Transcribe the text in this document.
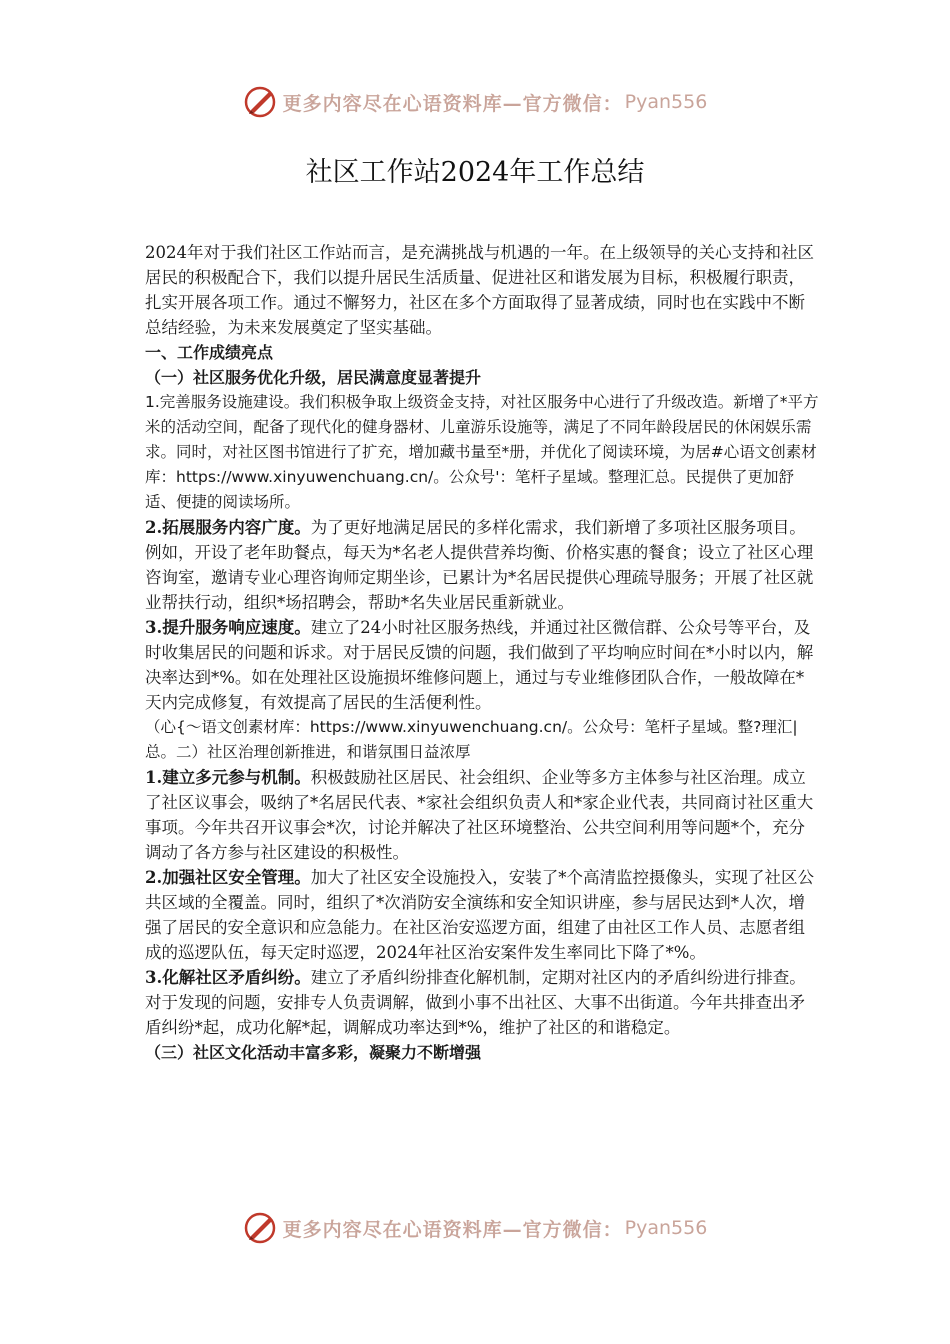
更多内容尽在心语资料库—官方微信： Pyan556
社区工作站2024年工作总结

2024年对于我们社区工作站而言，是充满挑战与机遇的一年。在上级领导的关心支持和社区居民的积极配合下，我们以提升居民生活质量、促进社区和谐发展为目标，积极履行职责，扎实开展各项工作。通过不懈努力，社区在多个方面取得了显著成绩，同时也在实践中不断总结经验，为未来发展奠定了坚实基础。

一、工作成绩亮点

（一）社区服务优化升级，居民满意度显著提升

1.完善服务设施建设。我们积极争取上级资金支持，对社区服务中心进行了升级改造。新增了*平方米的活动空间，配备了现代化的健身器材、儿童游乐设施等，满足了不同年龄段居民的休闲娱乐需求。同时，对社区图书馆进行了扩充，增加藏书量至*册，并优化了阅读环境，为居#心语文创素材库：https://www.xinyuwenchuang.cn/。公众号'：笔杆子星域。整理汇总。民提供了更加舒适、便捷的阅读场所。

2.拓展服务内容广度。为了更好地满足居民的多样化需求，我们新增了多项社区服务项目。例如，开设了老年助餐点，每天为*名老人提供营养均衡、价格实惠的餐食；设立了社区心理咨询室，邀请专业心理咨询师定期坐诊，已累计为*名居民提供心理疏导服务；开展了社区就业帮扶行动，组织*场招聘会，帮助*名失业居民重新就业。

3.提升服务响应速度。建立了24小时社区服务热线，并通过社区微信群、公众号等平台，及时收集居民的问题和诉求。对于居民反馈的问题，我们做到了平均响应时间在*小时以内，解决率达到*%。如在处理社区设施损坏维修问题上，通过与专业维修团队合作，一般故障在*天内完成修复，有效提高了居民的生活便利性。

（心{～语文创素材库：https://www.xinyuwenchuang.cn/。公众号：笔杆子星域。整?理汇|总。二）社区治理创新推进，和谐氛围日益浓厚

1.建立多元参与机制。积极鼓励社区居民、社会组织、企业等多方主体参与社区治理。成立了社区议事会，吸纳了*名居民代表、*家社会组织负责人和*家企业代表，共同商讨社区重大事项。今年共召开议事会*次，讨论并解决了社区环境整治、公共空间利用等问题*个，充分调动了各方参与社区建设的积极性。

2.加强社区安全管理。加大了社区安全设施投入，安装了*个高清监控摄像头，实现了社区公共区域的全覆盖。同时，组织了*次消防安全演练和安全知识讲座，参与居民达到*人次，增强了居民的安全意识和应急能力。在社区治安巡逻方面，组建了由社区工作人员、志愿者组成的巡逻队伍，每天定时巡逻，2024年社区治安案件发生率同比下降了*%。

3.化解社区矛盾纠纷。建立了矛盾纠纷排查化解机制，定期对社区内的矛盾纠纷进行排查。对于发现的问题，安排专人负责调解，做到小事不出社区、大事不出街道。今年共排查出矛盾纠纷*起，成功化解*起，调解成功率达到*%，维护了社区的和谐稳定。

（三）社区文化活动丰富多彩，凝聚力不断增强

更多内容尽在心语资料库—官方微信： Pyan556
